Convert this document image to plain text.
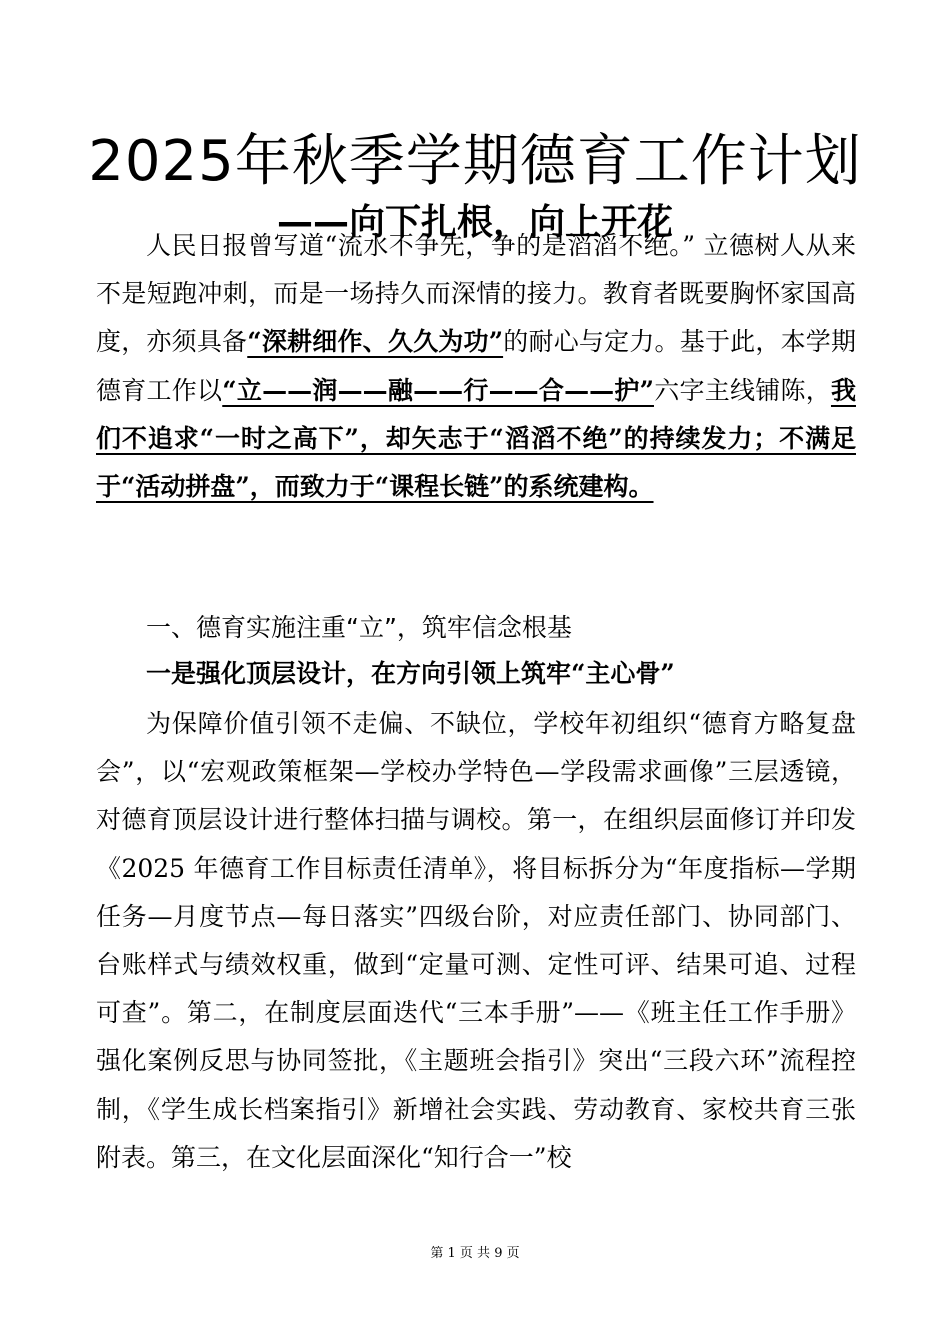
2025年秋季学期德育工作计划
——向下扎根，向上开花

人民日报曾写道“流水不争先，争的是滔滔不绝。” 立德树人从来不是短跑冲刺，而是一场持久而深情的接力。教育者既要胸怀家国高度，亦须具备“深耕细作、久久为功”的耐心与定力。基于此，本学期德育工作以“立——润——融——行——合——护”六字主线铺陈，我们不追求“一时之高下”，却矢志于“滔滔不绝”的持续发力；不满足于“活动拼盘”，而致力于“课程长链”的系统建构。

一、德育实施注重“立”，筑牢信念根基
一是强化顶层设计，在方向引领上筑牢“主心骨”

为保障价值引领不走偏、不缺位，学校年初组织“德育方略复盘会”，以“宏观政策框架—学校办学特色—学段需求画像”三层透镜，对德育顶层设计进行整体扫描与调校。第一，在组织层面修订并印发《2025 年德育工作目标责任清单》，将目标拆分为“年度指标—学期任务—月度节点—每日落实”四级台阶，对应责任部门、协同部门、台账样式与绩效权重，做到“定量可测、定性可评、结果可追、过程可查”。第二，在制度层面迭代“三本手册”——《班主任工作手册》强化案例反思与协同签批，《主题班会指引》突出“三段六环”流程控制，《学生成长档案指引》新增社会实践、劳动教育、家校共育三张附表。第三，在文化层面深化“知行合一”校

第 1 页 共 9 页
